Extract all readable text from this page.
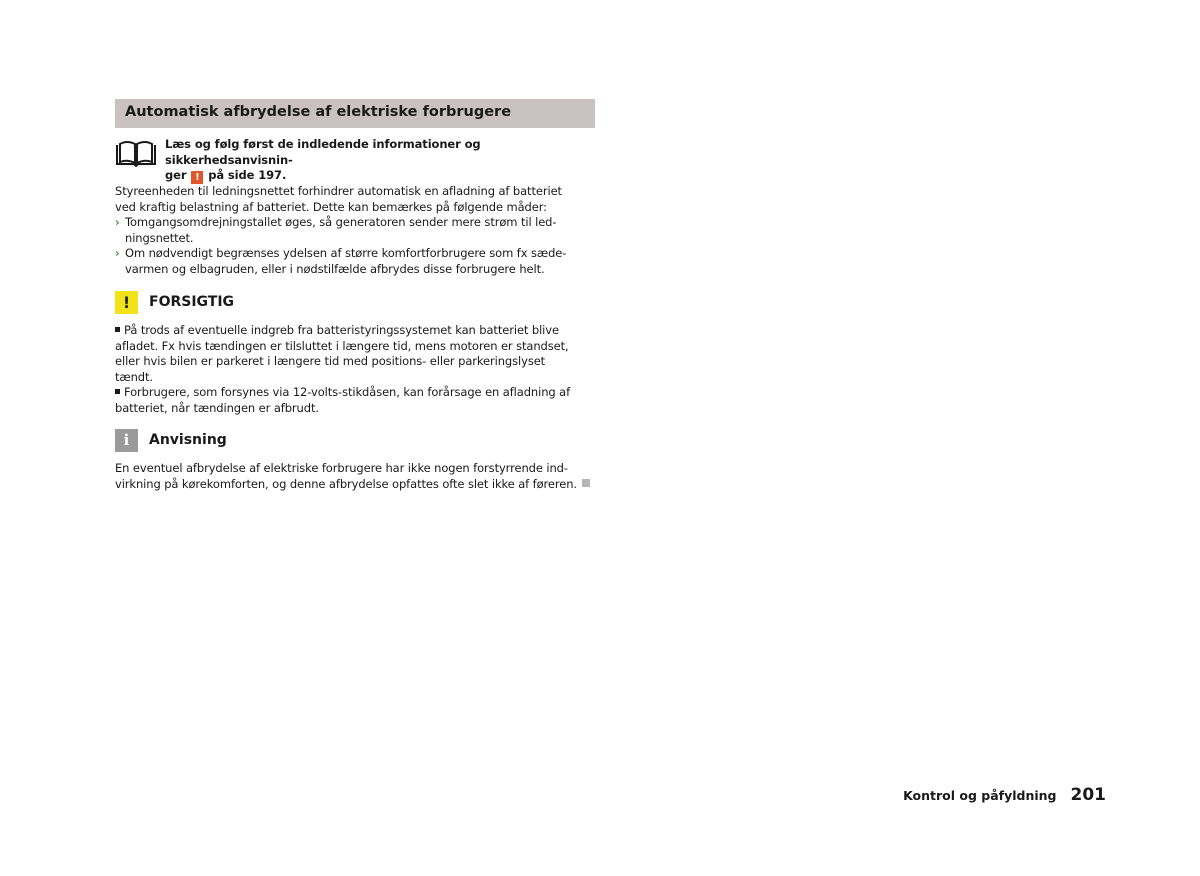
Automatisk afbrydelse af elektriske forbrugere
Læs og følg først de indledende informationer og sikkerhedsanvisnin-
ger ! på side 197.
Styreenheden til ledningsnettet forhindrer automatisk en afladning af batteriet
ved kraftig belastning af batteriet. Dette kan bemærkes på følgende måder:
› Tomgangsomdrejningstallet øges, så generatoren sender mere strøm til led-
ningsnettet.
› Om nødvendigt begrænses ydelsen af større komfortforbrugere som fx sæde-
varmen og elbagruden, eller i nødstilfælde afbrydes disse forbrugere helt.
!	FORSIGTIG
På trods af eventuelle indgreb fra batteristyringssystemet kan batteriet blive
afladet. Fx hvis tændingen er tilsluttet i længere tid, mens motoren er standset,
eller hvis bilen er parkeret i længere tid med positions- eller parkeringslyset
tændt.
Forbrugere, som forsynes via 12-volts-stikdåsen, kan forårsage en afladning af
batteriet, når tændingen er afbrudt.
i	Anvisning
En eventuel afbrydelse af elektriske forbrugere har ikke nogen forstyrrende ind-
virkning på kørekomforten, og denne afbrydelse opfattes ofte slet ikke af føreren.
Kontrol og påfyldning 201
